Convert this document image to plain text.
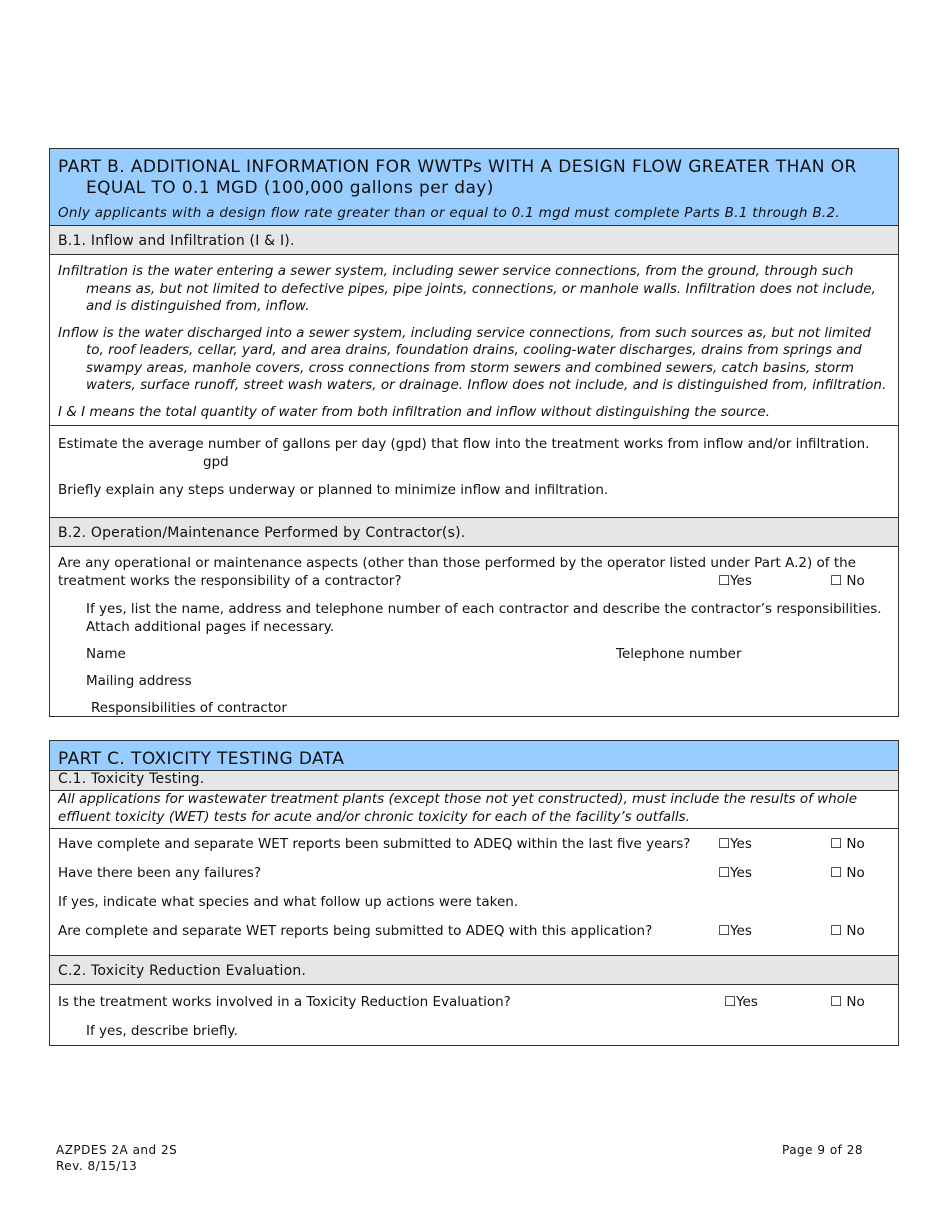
PART B. ADDITIONAL INFORMATION FOR WWTPs WITH A DESIGN FLOW GREATER THAN OR EQUAL TO 0.1 MGD (100,000 gallons per day)
Only applicants with a design flow rate greater than or equal to 0.1 mgd must complete Parts B.1 through B.2.
B.1. Inflow and Infiltration (I & I).
Infiltration is the water entering a sewer system, including sewer service connections, from the ground, through such means as, but not limited to defective pipes, pipe joints, connections, or manhole walls. Infiltration does not include, and is distinguished from, inflow.
Inflow is the water discharged into a sewer system, including service connections, from such sources as, but not limited to, roof leaders, cellar, yard, and area drains, foundation drains, cooling-water discharges, drains from springs and swampy areas, manhole covers, cross connections from storm sewers and combined sewers, catch basins, storm waters, surface runoff, street wash waters, or drainage. Inflow does not include, and is distinguished from, infiltration.
I & I means the total quantity of water from both infiltration and inflow without distinguishing the source.
Estimate the average number of gallons per day (gpd) that flow into the treatment works from inflow and/or infiltration.
gpd
Briefly explain any steps underway or planned to minimize inflow and infiltration.
B.2. Operation/Maintenance Performed by Contractor(s).
Are any operational or maintenance aspects (other than those performed by the operator listed under Part A.2) of the
treatment works the responsibility of a contractor?	☐Yes	☐ No
If yes, list the name, address and telephone number of each contractor and describe the contractor’s responsibilities. Attach additional pages if necessary.
Name	Telephone number
Mailing address
Responsibilities of contractor
PART C. TOXICITY TESTING DATA
C.1. Toxicity Testing.
All applications for wastewater treatment plants (except those not yet constructed), must include the results of whole effluent toxicity (WET) tests for acute and/or chronic toxicity for each of the facility’s outfalls.
Have complete and separate WET reports been submitted to ADEQ within the last five years?	☐Yes	☐ No
Have there been any failures?	☐Yes	☐ No
If yes, indicate what species and what follow up actions were taken.
Are complete and separate WET reports being submitted to ADEQ with this application?	☐Yes	☐ No
C.2. Toxicity Reduction Evaluation.
Is the treatment works involved in a Toxicity Reduction Evaluation?	☐Yes	☐ No
If yes, describe briefly.
AZPDES 2A and 2S
Rev. 8/15/13
Page 9 of 28
